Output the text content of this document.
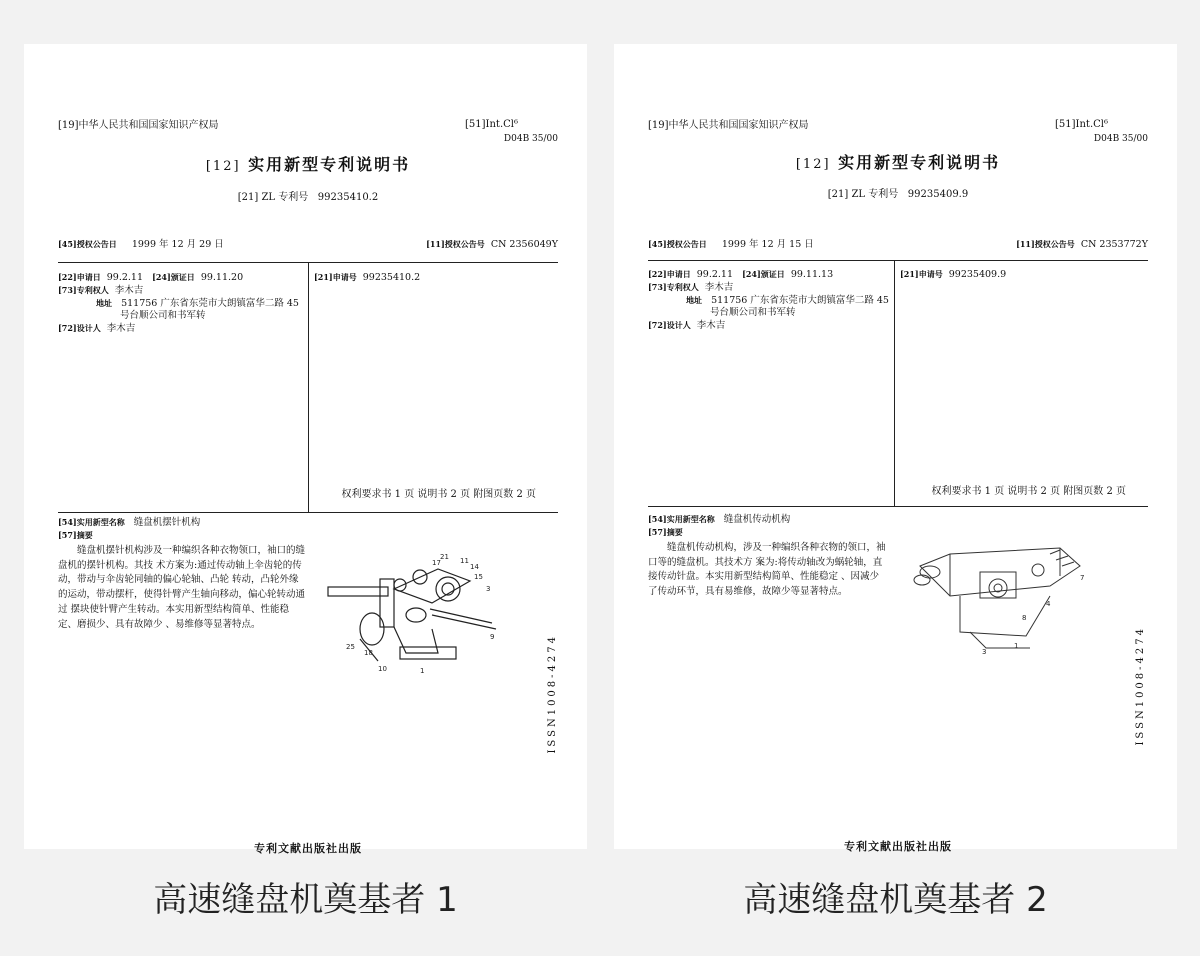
[19]中华人民共和国国家知识产权局	[51]Int.Cl⁶
D04B 35/00
[12] 实用新型专利说明书
[21] ZL 专利号 99235410.2
[45]授权公告日 1999 年 12 月 29 日	[11]授权公告号 CN 2356049Y
[22]申请日 99.2.11 [24]颁证日 99.11.20
[73]专利权人 李木吉
地址 511756 广东省东莞市大朗镇富华二路 45
号台顺公司和书军转
[72]设计人 李木吉
[21]申请号 99235410.2
权利要求书 1 页 说明书 2 页 附图页数 2 页
[54]实用新型名称 缝盘机摆针机构
[57]摘要
缝盘机摆针机构涉及一种编织各种衣物领口，袖口的缝盘机的摆针机构。其技 术方案为:通过传动轴上伞齿轮的传动，带动与伞齿轮同轴的偏心轮轴、凸轮 转动，凸轮外缘的运动，带动摆杆，使得针臂产生轴向移动，偏心轮转动通过 摆块使针臂产生转动。本实用新型结构简单、性能稳定、磨损少、具有故障少 、易维修等显著特点。
21
17	14
11
15
3
25
18
10
9
1	ISSN1008-4274
专利文献出版社出版
[19]中华人民共和国国家知识产权局	[51]Int.Cl⁶
D04B 35/00
[12] 实用新型专利说明书
[21] ZL 专利号 99235409.9
[45]授权公告日 1999 年 12 月 15 日	[11]授权公告号 CN 2353772Y
[22]申请日 99.2.11 [24]颁证日 99.11.13
[73]专利权人 李木吉
地址 511756 广东省东莞市大朗镇富华二路 45
号台顺公司和书军转
[72]设计人 李木吉
[21]申请号 99235409.9
权利要求书 1 页 说明书 2 页 附图页数 2 页
[54]实用新型名称 缝盘机传动机构
[57]摘要
缝盘机传动机构，涉及一种编织各种衣物的领口，袖口等的缝盘机。其技术方 案为:将传动轴改为蜗轮轴，直接传动针盘。本实用新型结构简单、性能稳定 、因减少了传动环节，具有易维修，故障少等显著特点。
7
8
4
1
3	ISSN1008-4274
专利文献出版社出版
高速缝盘机奠基者 1	高速缝盘机奠基者 2
